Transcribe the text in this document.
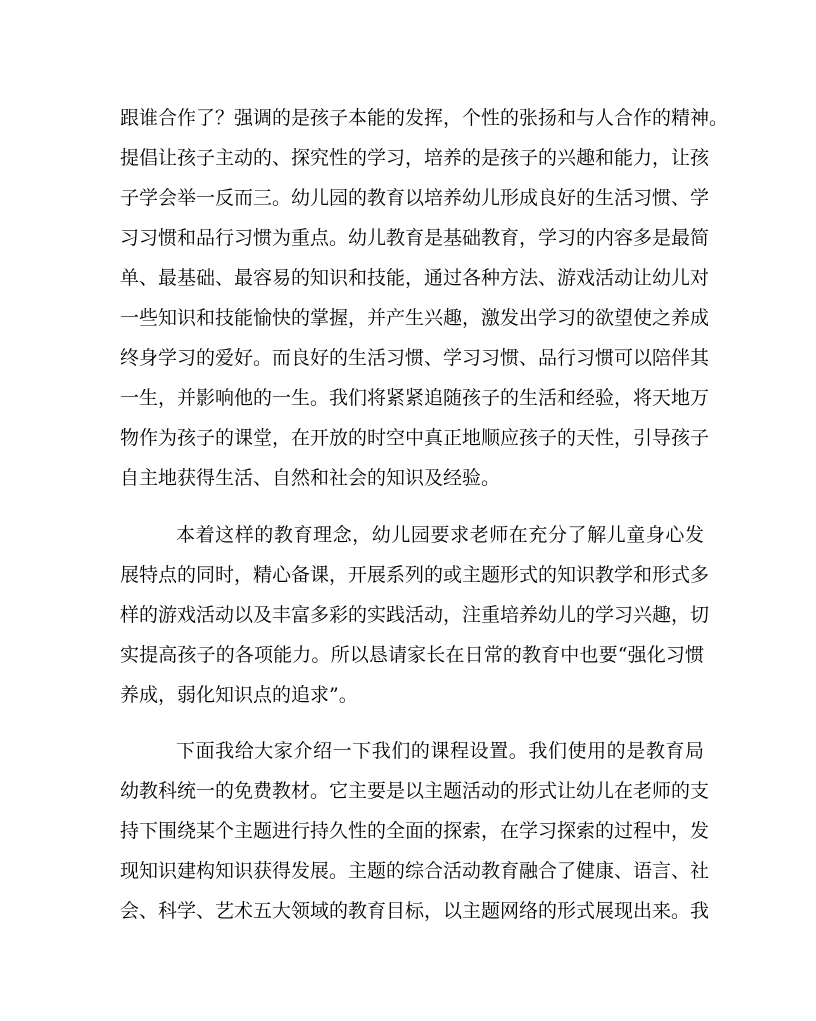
跟谁合作了？强调的是孩子本能的发挥，个性的张扬和与人合作的精神。
提倡让孩子主动的、探究性的学习，培养的是孩子的兴趣和能力，让孩
子学会举一反而三。幼儿园的教育以培养幼儿形成良好的生活习惯、学
习习惯和品行习惯为重点。幼儿教育是基础教育，学习的内容多是最简
单、最基础、最容易的知识和技能，通过各种方法、游戏活动让幼儿对
一些知识和技能愉快的掌握，并产生兴趣，激发出学习的欲望使之养成
终身学习的爱好。而良好的生活习惯、学习习惯、品行习惯可以陪伴其
一生，并影响他的一生。我们将紧紧追随孩子的生活和经验，将天地万
物作为孩子的课堂，在开放的时空中真正地顺应孩子的天性，引导孩子
自主地获得生活、自然和社会的知识及经验。
本着这样的教育理念，幼儿园要求老师在充分了解儿童身心发
展特点的同时，精心备课，开展系列的或主题形式的知识教学和形式多
样的游戏活动以及丰富多彩的实践活动，注重培养幼儿的学习兴趣，切
实提高孩子的各项能力。所以恳请家长在日常的教育中也要“强化习惯
养成，弱化知识点的追求”。
下面我给大家介绍一下我们的课程设置。我们使用的是教育局
幼教科统一的免费教材。它主要是以主题活动的形式让幼儿在老师的支
持下围绕某个主题进行持久性的全面的探索，在学习探索的过程中，发
现知识建构知识获得发展。主题的综合活动教育融合了健康、语言、社
会、科学、艺术五大领域的教育目标，以主题网络的形式展现出来。我
